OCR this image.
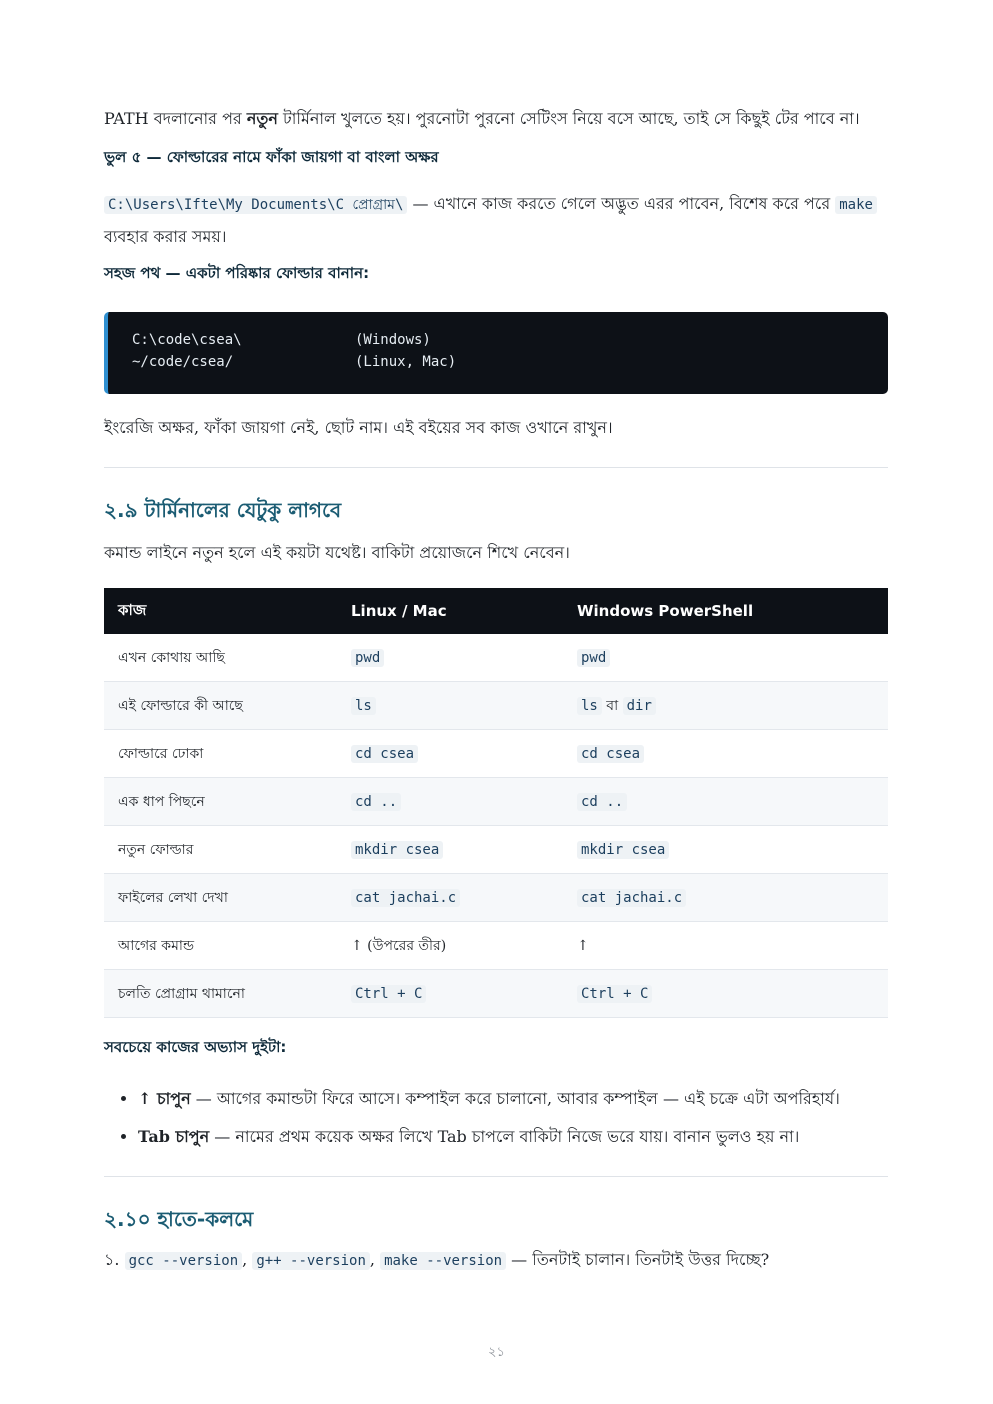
PATH বদলানোর পর নতুন টার্মিনাল খুলতে হয়। পুরনোটা পুরনো সেটিংস নিয়ে বসে আছে, তাই সে কিছুই টের পাবে না।

ভুল ৫ — ফোল্ডারের নামে ফাঁকা জায়গা বা বাংলা অক্ষর

C:\Users\Ifte\My Documents\C প্রোগ্রাম\ — এখানে কাজ করতে গেলে অদ্ভুত এরর পাবেন, বিশেষ করে পরে make
ব্যবহার করার সময়।

সহজ পথ — একটা পরিষ্কার ফোল্ডার বানান:
C:\code\csea\	(Windows)
~/code/csea/	(Linux, Mac)

ইংরেজি অক্ষর, ফাঁকা জায়গা নেই, ছোট নাম। এই বইয়ের সব কাজ ওখানে রাখুন।

২.৯ টার্মিনালের যেটুকু লাগবে

কমান্ড লাইনে নতুন হলে এই কয়টা যথেষ্ট। বাকিটা প্রয়োজনে শিখে নেবেন।

কাজ	Linux / Mac	Windows PowerShell
এখন কোথায় আছি	pwd	pwd
এই ফোল্ডারে কী আছে	ls	ls বা dir
ফোল্ডারে ঢোকা	cd csea	cd csea
এক ধাপ পিছনে	cd ..	cd ..
নতুন ফোল্ডার	mkdir csea	mkdir csea
ফাইলের লেখা দেখা	cat jachai.c	cat jachai.c
আগের কমান্ড	↑ (উপরের তীর)	↑
চলতি প্রোগ্রাম থামানো	Ctrl + C	Ctrl + C
সবচেয়ে কাজের অভ্যাস দুইটা:
• ↑ চাপুন — আগের কমান্ডটা ফিরে আসে। কম্পাইল করে চালানো, আবার কম্পাইল — এই চক্রে এটা অপরিহার্য।
• Tab চাপুন — নামের প্রথম কয়েক অক্ষর লিখে Tab চাপলে বাকিটা নিজে ভরে যায়। বানান ভুলও হয় না।
২.১০ হাতে-কলমে

১. gcc --version , g++ --version , make --version — তিনটাই চালান। তিনটাই উত্তর দিচ্ছে?

২১
